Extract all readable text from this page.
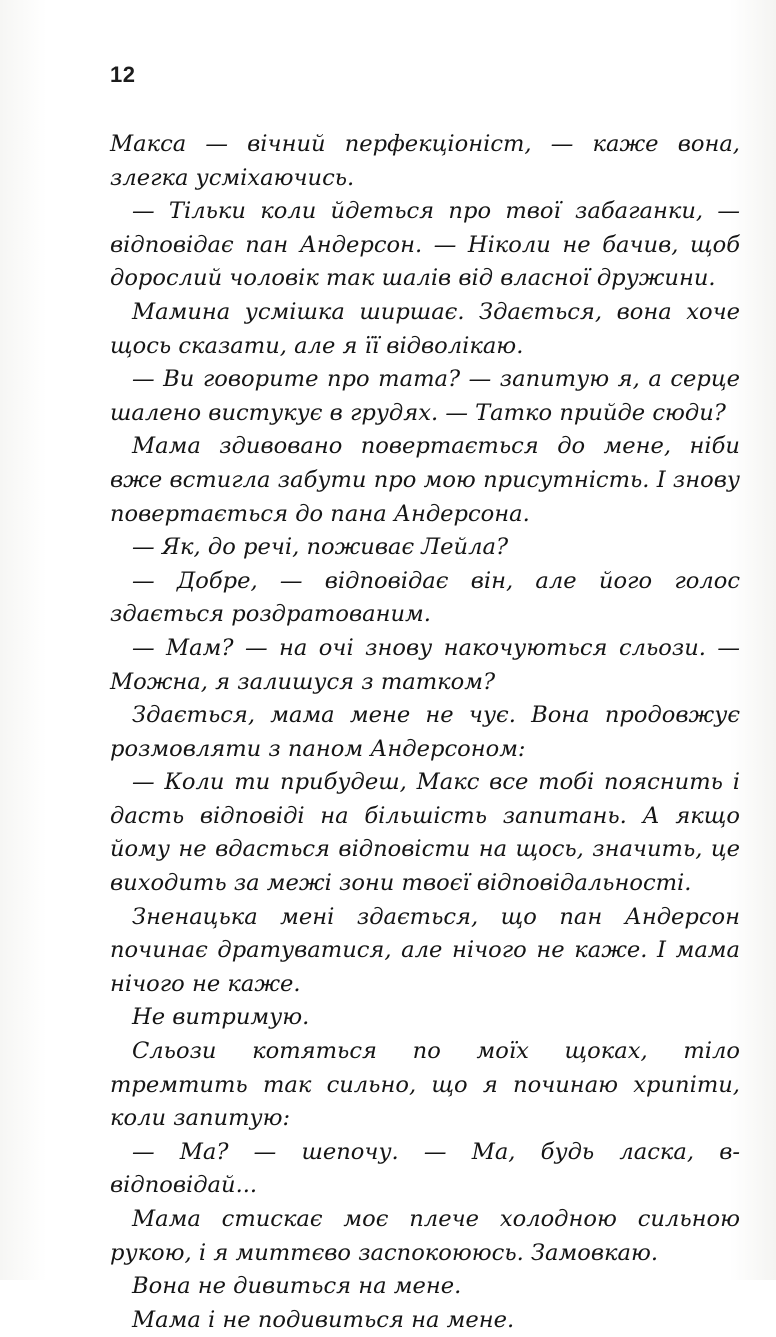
12

Макса — вічний перфекціоніст, — каже вона, злегка усміхаючись.

— Тільки коли йдеться про твої забаганки, — відповідає пан Андерсон. — Ніколи не бачив, щоб дорослий чоловік так шалів від власної дружини.

Мамина усмішка ширшає. Здається, вона хоче щось сказати, але я її відволікаю.

— Ви говорите про тата? — запитую я, а серце шалено вистукує в грудях. — Татко прийде сюди?

Мама здивовано повертається до мене, ніби вже встигла забути про мою присутність. І знову повертається до пана Андерсона.

— Як, до речі, поживає Лейла?

— Добре, — відповідає він, але його голос здається роздратованим.

— Мам? — на очі знову накочуються сльози. — Можна, я залишуся з татком?

Здається, мама мене не чує. Вона продовжує розмовляти з паном Андерсоном:

— Коли ти прибудеш, Макс все тобі пояснить і дасть відповіді на більшість запитань. А якщо йому не вдасться відповісти на щось, значить, це виходить за межі зони твоєї відповідальності.

Зненацька мені здається, що пан Андерсон починає дратуватися, але нічого не каже. І мама нічого не каже.

Не витримую.

Сльози котяться по моїх щоках, тіло тремтить так сильно, що я починаю хрипіти, коли запитую:

— Ма? — шепочу. — Ма, будь ласка, в-відповідай...

Мама стискає моє плече холодною сильною рукою, і я миттєво заспокоююсь. Замовкаю.

Вона не дивиться на мене.

Мама і не подивиться на мене.
